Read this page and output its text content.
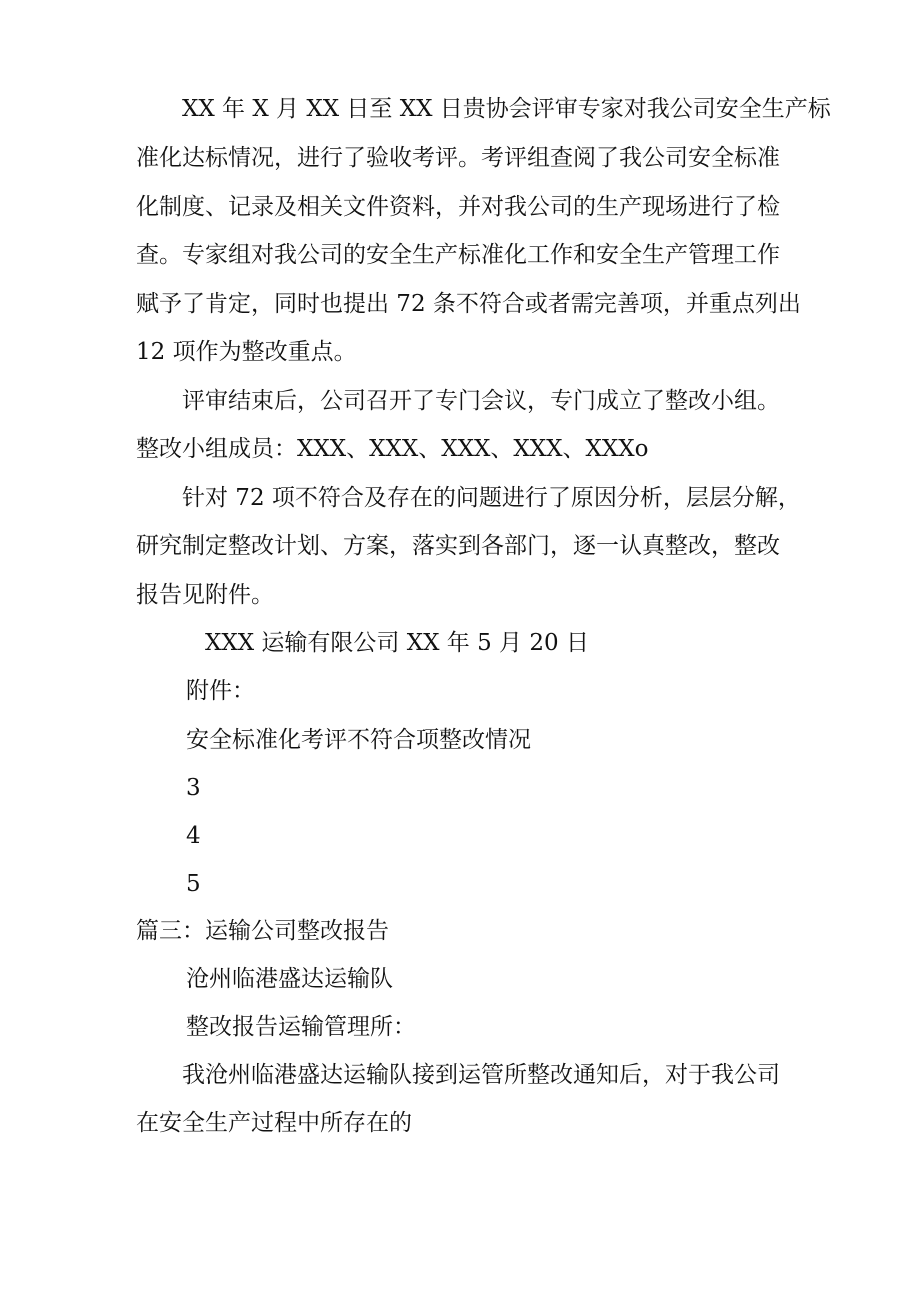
XX 年 X 月 XX 日至 XX 日贵协会评审专家对我公司安全生产标
准化达标情况，进行了验收考评。考评组查阅了我公司安全标准
化制度、记录及相关文件资料，并对我公司的生产现场进行了检
查。专家组对我公司的安全生产标准化工作和安全生产管理工作
赋予了肯定，同时也提出 72 条不符合或者需完善项，并重点列出
12 项作为整改重点。
评审结束后，公司召开了专门会议，专门成立了整改小组。
整改小组成员：XXX、XXX、XXX、XXX、XXXo
针对 72 项不符合及存在的问题进行了原因分析，层层分解，
研究制定整改计划、方案，落实到各部门，逐一认真整改，整改
报告见附件。
XXX 运输有限公司 XX 年 5 月 20 日
附件：
安全标准化考评不符合项整改情况
3
4
5
篇三：运输公司整改报告
沧州临港盛达运输队
整改报告运输管理所：
我沧州临港盛达运输队接到运管所整改通知后，对于我公司
在安全生产过程中所存在的
